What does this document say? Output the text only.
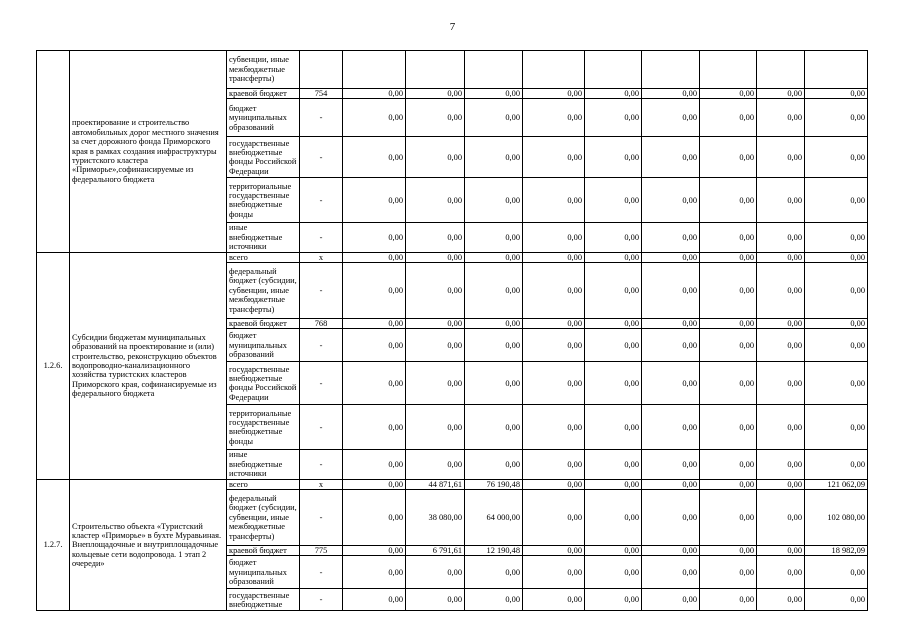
7
	проектирование и строительство автомобильных дорог местного значения за счет дорожного фонда Приморского края в рамках создания инфраструктуры туристского кластера «Приморье»,софинансируемые из федерального бюджета	субвенции, иные межбюджетные трансферты)										
		краевой бюджет	754	0,00	0,00	0,00	0,00	0,00	0,00	0,00	0,00	0,00
		бюджет муниципальных образований	-	0,00	0,00	0,00	0,00	0,00	0,00	0,00	0,00	0,00
		государственные внебюджетные фонды Российской Федерации	-	0,00	0,00	0,00	0,00	0,00	0,00	0,00	0,00	0,00
		территориальные государственные внебюджетные фонды	-	0,00	0,00	0,00	0,00	0,00	0,00	0,00	0,00	0,00
		иные внебюджетные источники	-	0,00	0,00	0,00	0,00	0,00	0,00	0,00	0,00	0,00
1.2.6.	Субсидии бюджетам муниципальных образований на проектирование и (или) строительство, реконструкцию объектов водопроводно-канализационного хозяйства туристских кластеров Приморского края, софинансируемые из федерального бюджета	всего	x	0,00	0,00	0,00	0,00	0,00	0,00	0,00	0,00	0,00
		федеральный бюджет (субсидии, субвенции, иные межбюджетные трансферты)	-	0,00	0,00	0,00	0,00	0,00	0,00	0,00	0,00	0,00
		краевой бюджет	768	0,00	0,00	0,00	0,00	0,00	0,00	0,00	0,00	0,00
		бюджет муниципальных образований	-	0,00	0,00	0,00	0,00	0,00	0,00	0,00	0,00	0,00
		государственные внебюджетные фонды Российской Федерации	-	0,00	0,00	0,00	0,00	0,00	0,00	0,00	0,00	0,00
		территориальные государственные внебюджетные фонды	-	0,00	0,00	0,00	0,00	0,00	0,00	0,00	0,00	0,00
		иные внебюджетные источники	-	0,00	0,00	0,00	0,00	0,00	0,00	0,00	0,00	0,00
1.2.7.	Строительство объекта «Туристский кластер «Приморье» в бухте Муравьиная. Внеплощадочные и внутриплощадочные кольцевые сети водопровода. 1 этап 2 очереди»	всего	x	0,00	44 871,61	76 190,48	0,00	0,00	0,00	0,00	0,00	121 062,09
		федеральный бюджет (субсидии, субвенции, иные межбюджетные трансферты)	-	0,00	38 080,00	64 000,00	0,00	0,00	0,00	0,00	0,00	102 080,00
		краевой бюджет	775	0,00	6 791,61	12 190,48	0,00	0,00	0,00	0,00	0,00	18 982,09
		бюджет муниципальных образований	-	0,00	0,00	0,00	0,00	0,00	0,00	0,00	0,00	0,00
		государственные внебюджетные	-	0,00	0,00	0,00	0,00	0,00	0,00	0,00	0,00	0,00
